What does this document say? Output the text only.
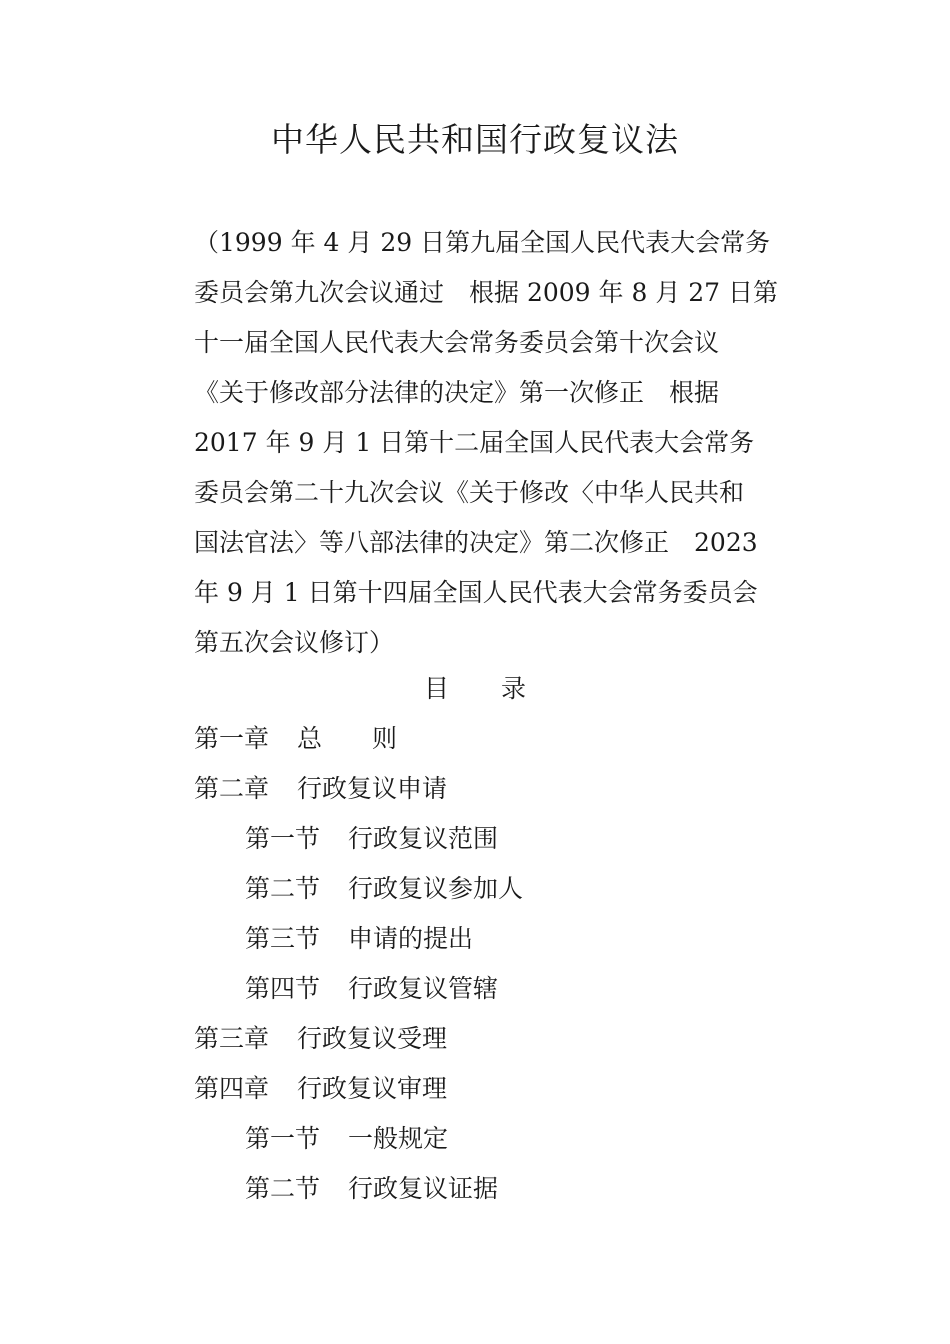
中华人民共和国行政复议法
（1999 年 4 月 29 日第九届全国人民代表大会常务
委员会第九次会议通过　根据 2009 年 8 月 27 日第
十一届全国人民代表大会常务委员会第十次会议
《关于修改部分法律的决定》第一次修正　根据
2017 年 9 月 1 日第十二届全国人民代表大会常务
委员会第二十九次会议《关于修改〈中华人民共和
国法官法〉等八部法律的决定》第二次修正　2023
年 9 月 1 日第十四届全国人民代表大会常务委员会
第五次会议修订）
目 录
第一章 总 则
第二章 行政复议申请
第一节 行政复议范围
第二节 行政复议参加人
第三节 申请的提出
第四节 行政复议管辖
第三章 行政复议受理
第四章 行政复议审理
第一节 一般规定
第二节 行政复议证据
